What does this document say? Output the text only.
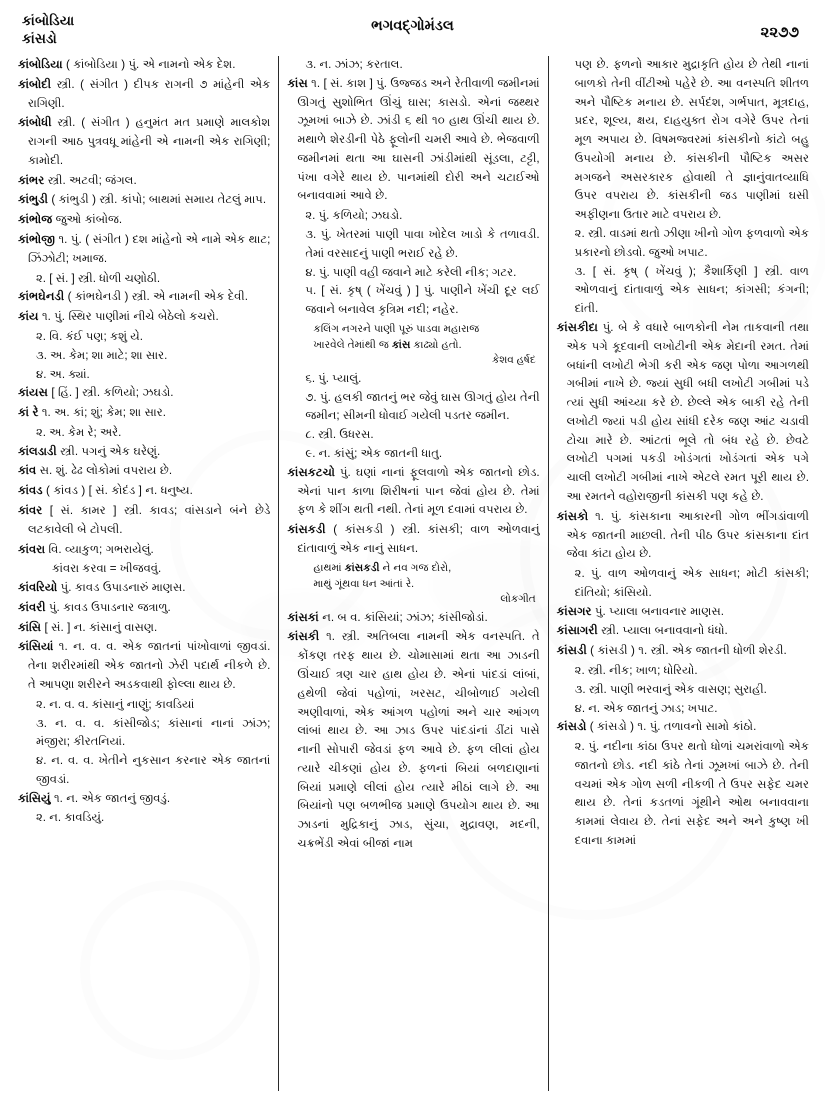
કાંબોડિયા
કાંસડો
ભગવદ્ગોમંડલ	૨૨૭૭

કાંબોડિયા ( કાંબોડિયા ) પું. એ નામનો એક દેશ.

કાંબોદી સ્ત્રી. ( સંગીત ) દીપક રાગની ૭ માંહેની એક રાગિણી.

કાંબોધી સ્ત્રી. ( સંગીત ) હનુમંત મત પ્રમાણે માલકોશ રાગની આઠ પુત્રવધૂ માંહેની એ નામની એક રાગિણી; કામોદી.

કાંભર સ્ત્રી. અટવી; જંગલ.

કાંભુડી ( કાંભુડી ) સ્ત્રી. કાંપો; બાથમાં સમાય તેટલું માપ.

કાંભોજ જુઓ કાંબોજ.

કાંભોજી ૧. પું. ( સંગીત ) દશ માંહેનો એ નામે એક થાટ; ઝિંઝોટી; ખમાજ.

૨. [ સં. ] સ્ત્રી. ધોળી ચણોઠી.

કાંભઘેનડી ( કાંભઘેનડી ) સ્ત્રી. એ નામની એક દેવી.

કાંય ૧. પું. સ્થિર પાણીમાં નીચે બેઠેલો કચરો.

૨. વિ. કંઈ પણ; કશું યે.

૩. અ. કેમ; શા માટે; શા સાર.

૪. અ. ક્યાં.

કાંયસ [ હિં. ] સ્ત્રી. કળિયો; ઝઘડો.

કાં રે ૧. અ. કાં; શું; કેમ; શા સાર.

૨. અ. કેમ રે; અરે.

કાંલડાડી સ્ત્રી. પગનું એક ઘરેણું.

કાંવ સ. શું. ઢેઢ લોકોમાં વપરાય છે.

કાંવડ ( કાંવડ ) [ સં. કોદંડ ] ન. ધનુષ્ય.

કાંવર [ સં. કામર ] સ્ત્રી. કાવડ; વાંસડાને બંને છેડે લટકાવેલી બે ટોપલી.

કાંવરા વિ. વ્યાકુળ; ગભરાયેલું.

કાંવરા કરવા = ખીજવવું.

કાંવરિયો પું. કાવડ ઉપાડનારું માણસ.

કાંવરી પું. કાવડ ઉપાડનાર જત્રાળુ.

કાંસિ [ સં. ] ન. કાંસાનું વાસણ.

કાંસિયાં ૧. ન. વ. વ. એક જાતનાં પાંખોવાળાં જીવડાં. તેના શરીરમાંથી એક જાતનો ઝેરી પદાર્થ નીકળે છે. તે આપણા શરીરને અડકવાથી ફોલ્લા થાય છે.

૨. ન. વ. વ. કાંસાનું નાણું; કાવડિયાં

૩. ન. વ. વ. કાંસીજોડ; કાંસાનાં નાનાં ઝાંઝ; મંજીરા; કીરતનિયાં.

૪. ન. વ. વ. ખેતીને નુકસાન કરનાર એક જાતનાં જીવડાં.

કાંસિયું ૧. ન. એક જાતનું જીવડું.

૨. ન. કાવડિયું.

૩. ન. ઝાંઝ; કરતાલ.

કાંસ ૧. [ સં. કાશ ] પું. ઉજ્જડ અને રેતીવાળી જમીનમાં ઊગતું સુશોભિત ઊંચું ઘાસ; કાસડો. એનાં જથ્થર ઝૂમખાં બાઝે છે. ઝાંડી ૬ થી ૧૦ હાથ ઊંચી થાય છે. મથાળે શેરડીની પેઠે ફૂલોની ચમરી આવે છે. ભેજવાળી જમીનમાં થતા આ ઘાસની ઝાંડીમાંથી સૂંડલા, ટટ્ટી, પંખા વગેરે થાય છે. પાનમાંથી દોરી અને ચટાઈઓ બનાવવામાં આવે છે.

૨. પું. કળિયો; ઝઘડો.

૩. પું. ખેતરમાં પાણી પાવા ખોદેલ ખાડો કે તળાવડી. તેમાં વરસાદનું પાણી ભરાઈ રહે છે.

૪. પું. પાણી વહી જવાને માટે કરેલી નીક; ગટર.

૫. [ સં. કૃષ્ ( ખેંચવું ) ] પું. પાણીને ખેંચી દૂર લઈ જવાને બનાવેલ કૃત્રિમ નદી; નહેર.

કલિંગ નગરને પાણી પૂરું પાડવા મહારાજ
ખારવેલે તેમાંથી જ કાંસ કાઢ્યો હતો.
કેશવ હર્ષદ

૬. પું. પ્યાલું.

૭. પું. હલકી જાતનું ભર જેવું ઘાસ ઊગતું હોય તેની જમીન; સીમની ધોવાઈ ગયેલી પડતર જમીન.

૮. સ્ત્રી. ઉધરસ.

૯. ન. કાંસું; એક જાતની ધાતુ.

કાંસકટચો પું. ઘણાં નાનાં ફૂલવાળો એક જાતનો છોડ. એનાં પાન કાળા શિરીષનાં પાન જેવાં હોય છે. તેમાં ફળ કે શીંગ થતી નથી. તેનાં મૂળ દવામાં વપરાય છે.

કાંસકડી ( કાંસકડી ) સ્ત્રી. કાંસકી; વાળ ઓળવાનું દાંતાવાળું એક નાનું સાધન.

હાથમાં કાંસકડી ને નવ ગજ દોરો,
માથું ગૂંથવા ધન આંતાં રે.
લોકગીત

કાંસકાં ન. બ વ. કાંસિયાં; ઝાંઝ; કાંસીજોડાં.

કાંસકી ૧. સ્ત્રી. અતિબલા નામની એક વનસ્પતિ. તે કોંકણ તરફ થાય છે. ચોમાસામાં થતા આ ઝાડની ઊંચાઈ ત્રણ ચાર હાથ હોય છે. એનાં પાંદડાં લાંબાં, હથેળી જેવાં પહોળાં, ખરસટ, ચીબોળાઈ ગયેલી અણીવાળાં, એક આંગળ પહોળાં અને ચાર આંગળ લાંબાં થાય છે. આ ઝાડ ઉપર પાંદડાંનાં ડીંટાં પાસે નાની સોપારી જેવડાં ફળ આવે છે. ફળ લીલાં હોય ત્યારે ચીકણાં હોય છે. ફળનાં બિયાં બળદાણાનાં બિયાં પ્રમાણે લીલાં હોય ત્યારે મીઠાં લાગે છે. આ બિયાંનો પણ બળભીજ પ્રમાણે ઉપયોગ થાય છે. આ ઝાડનાં મુદ્રિકાનું ઝાડ, સુંચા, મુદ્રાવણ, મદની, ચક્રભેંડી એવાં બીજાં નામ

પણ છે. ફળનો આકાર મુદ્રાકૃતિ હોય છે તેથી નાનાં બાળકો તેની વીંટીઓ પહેરે છે. આ વનસ્પતિ શીતળ અને પૌષ્ટિક મનાય છે. સર્પદંશ, ગર્ભપાત, મૂત્રદાહ, પ્રદર, શૂલ્ય, ક્ષય, દાહયુક્ત રોગ વગેરે ઉપર તેનાં મૂળ અપાય છે. વિષમજ્વરમાં કાંસકીનો કાંટો બહુ ઉપયોગી મનાય છે. કાંસકીની પૌષ્ટિક અસર મગજને અસરકારક હોવાથી તે જ્ઞાનુંવાતવ્યાધિ ઉપર વપરાય છે. કાંસકીની જડ પાણીમાં ઘસી અફીણના ઉતાર માટે વપરાય છે.

૨. સ્ત્રી. વાડમાં થતો ઝીણા ખીનો ગોળ ફળવાળો એક પ્રકારનો છોડવો. જુઓ ખપાટ.

૩. [ સં. કૃષ્ ( ખેંચવું ); કૈશાર્કિણી ] સ્ત્રી. વાળ ઓળવાનું દાંતાવાળું એક સાધન; કાંગસી; કંગની; દાંતી.

કાંસકીદા પું. બે કે વધારે બાળકોની નેમ તાકવાની તથા એક પગે કૂદવાની લખોટીની એક મેદાની રમત. તેમાં બધાંની લખોટી ભેગી કરી એક જણ પોળા આગળથી ગબીમાં નાખે છે. જ્યાં સુધી બધી લખોટી ગબીમાં પડે ત્યાં સુધી આંચ્યા કરે છે. છેલ્લે એક બાકી રહે તેની લખોટી જ્યાં પડી હોય સાંધી દરેક જણ આંટ ચડાવી ટોચા મારે છે. આંટતાં ભૂલે તો બંધ રહે છે. છેવટે લખોટી પગમાં પકડી ખોડંગતાં ખોડંગતાં એક પગે ચાલી લખોટી ગબીમાં નાખે એટલે રમત પૂરી થાય છે. આ રમતને વહોરાજીની કાંસકી પણ કહે છે.

કાંસકો ૧. પું. કાંસકાના આકારની ગોળ ભીંગડાંવાળી એક જાતની માછલી. તેની પીઠ ઉપર કાંસકાના દાંત જેવા કાંટા હોય છે.

૨. પું. વાળ ઓળવાનું એક સાધન; મોટી કાંસકી; દાંતિયો; કાંસિયો.

કાંસગર પું. પ્યાલા બનાવનાર માણસ.

કાંસાગરી સ્ત્રી. પ્યાલા બનાવવાનો ધંધો.

કાંસડી ( કાંસડી ) ૧. સ્ત્રી. એક જાતની ધોળી શેરડી.

૨. સ્ત્રી. નીક; ખાળ; ધોરિયો.

૩. સ્ત્રી. પાણી ભરવાનું એક વાસણ; સુરાહી.

૪. ન. એક જાતનું ઝાડ; ખપાટ.

કાંસડો ( કાંસડો ) ૧. પું. તળાવનો સામો કાંઠો.

૨. પું. નદીના કાંઠા ઉપર થતો ધોળાં ચમરાંવાળો એક જાતનો છોડ. નદી કાંઠે તેનાં ઝૂમખાં બાઝે છે. તેની વચમાં એક ગોળ સળી નીકળી તે ઉપર સફેદ ચમર થાય છે. તેનાં કડતળાં ગૂંથીને ઓથ બનાવવાના કામમાં લેવાય છે. તેનાં સફેદ અને અને કુષ્ણ ખી દવાના કામમાં
